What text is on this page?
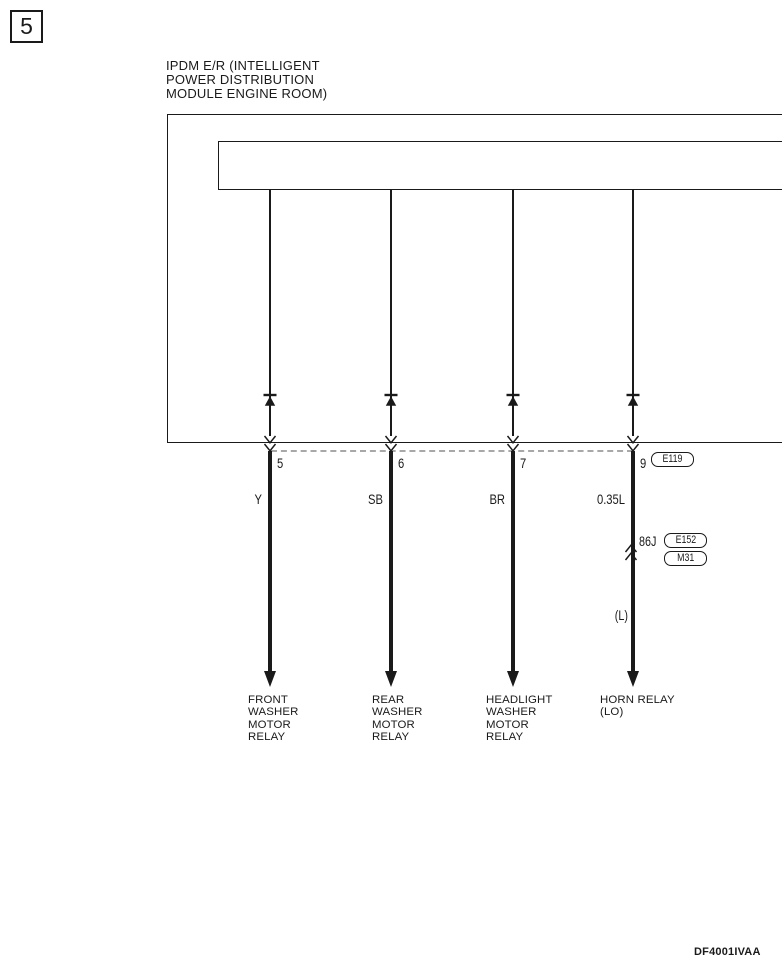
5
IPDM E/R (INTELLIGENT
POWER DISTRIBUTION
MODULE ENGINE ROOM)
5
Y
FRONT
WASHER
MOTOR
RELAY
6
SB
REAR
WASHER
MOTOR
RELAY
7
BR
HEADLIGHT
WASHER
MOTOR
RELAY
9	E119
0.35L
86J	E152
M31
(L)
HORN RELAY
(LO)
DF4001IVAA
